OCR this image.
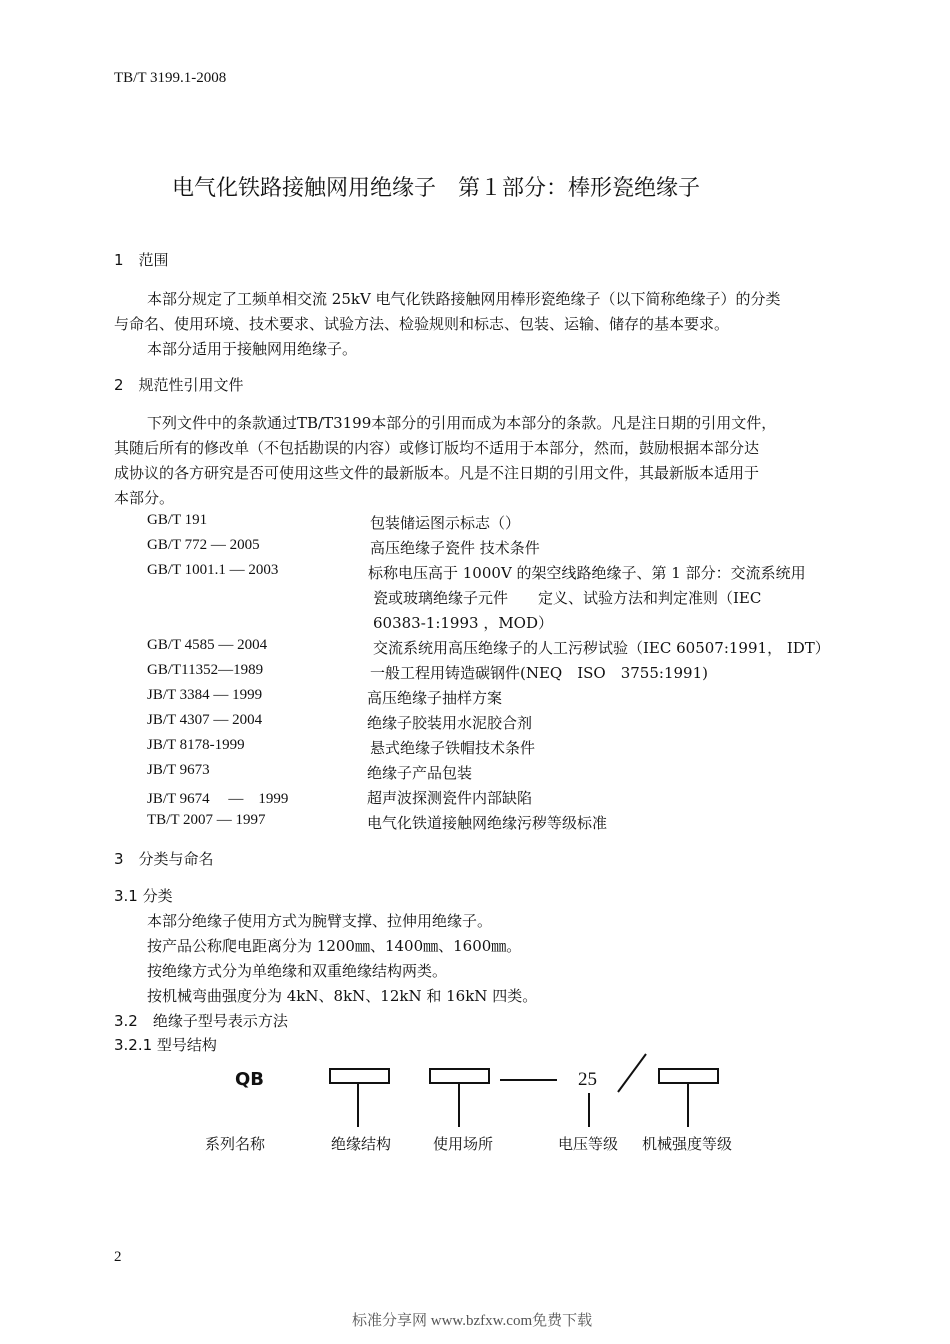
TB/T 3199.1-2008
电气化铁路接触网用绝缘子　第１部分：棒形瓷绝缘子
1　范围
本部分规定了工频单相交流 25kV 电气化铁路接触网用棒形瓷绝缘子（以下简称绝缘子）的分类
与命名、使用环境、技术要求、试验方法、检验规则和标志、包装、运输、储存的基本要求。
本部分适用于接触网用绝缘子。
2　规范性引用文件
下列文件中的条款通过TB/T3199本部分的引用而成为本部分的条款。凡是注日期的引用文件，
其随后所有的修改单（不包括勘误的内容）或修订版均不适用于本部分，然而，鼓励根据本部分达
成协议的各方研究是否可使用这些文件的最新版本。凡是不注日期的引用文件，其最新版本适用于
本部分。
GB/T 191	包装储运图示标志（）
GB/T 772 — 2005	高压绝缘子瓷件 技术条件
GB/T 1001.1 — 2003	标称电压高于 1000V 的架空线路绝缘子、第 1 部分：交流系统用
瓷或玻璃绝缘子元件　　定义、试验方法和判定准则（IEC
60383-1:1993 ，MOD）
GB/T 4585 — 2004	交流系统用高压绝缘子的人工污秽试验（IEC 60507:1991， IDT）
GB/T11352—1989	一般工程用铸造碳钢件(NEQ　ISO　3755:1991)
JB/T 3384 — 1999	高压绝缘子抽样方案
JB/T 4307 — 2004	绝缘子胶装用水泥胶合剂
JB/T 8178-1999	悬式绝缘子铁帽技术条件
JB/T 9673	绝缘子产品包装
JB/T 9674 　—　1999	超声波探测瓷件内部缺陷
TB/T 2007 — 1997	电气化铁道接触网绝缘污秽等级标准
3　分类与命名
3.1 分类
本部分绝缘子使用方式为腕臂支撑、拉伸用绝缘子。
按产品公称爬电距离分为 1200㎜、1400㎜、1600㎜。
按绝缘方式分为单绝缘和双重绝缘结构两类。
按机械弯曲强度分为 4kN、8kN、12kN 和 16kN 四类。
3.2　绝缘子型号表示方法
3.2.1 型号结构
QB	25
系列名称	绝缘结构	使用场所	电压等级 机械强度等级
2
标准分享网 www.bzfxw.com免费下载
